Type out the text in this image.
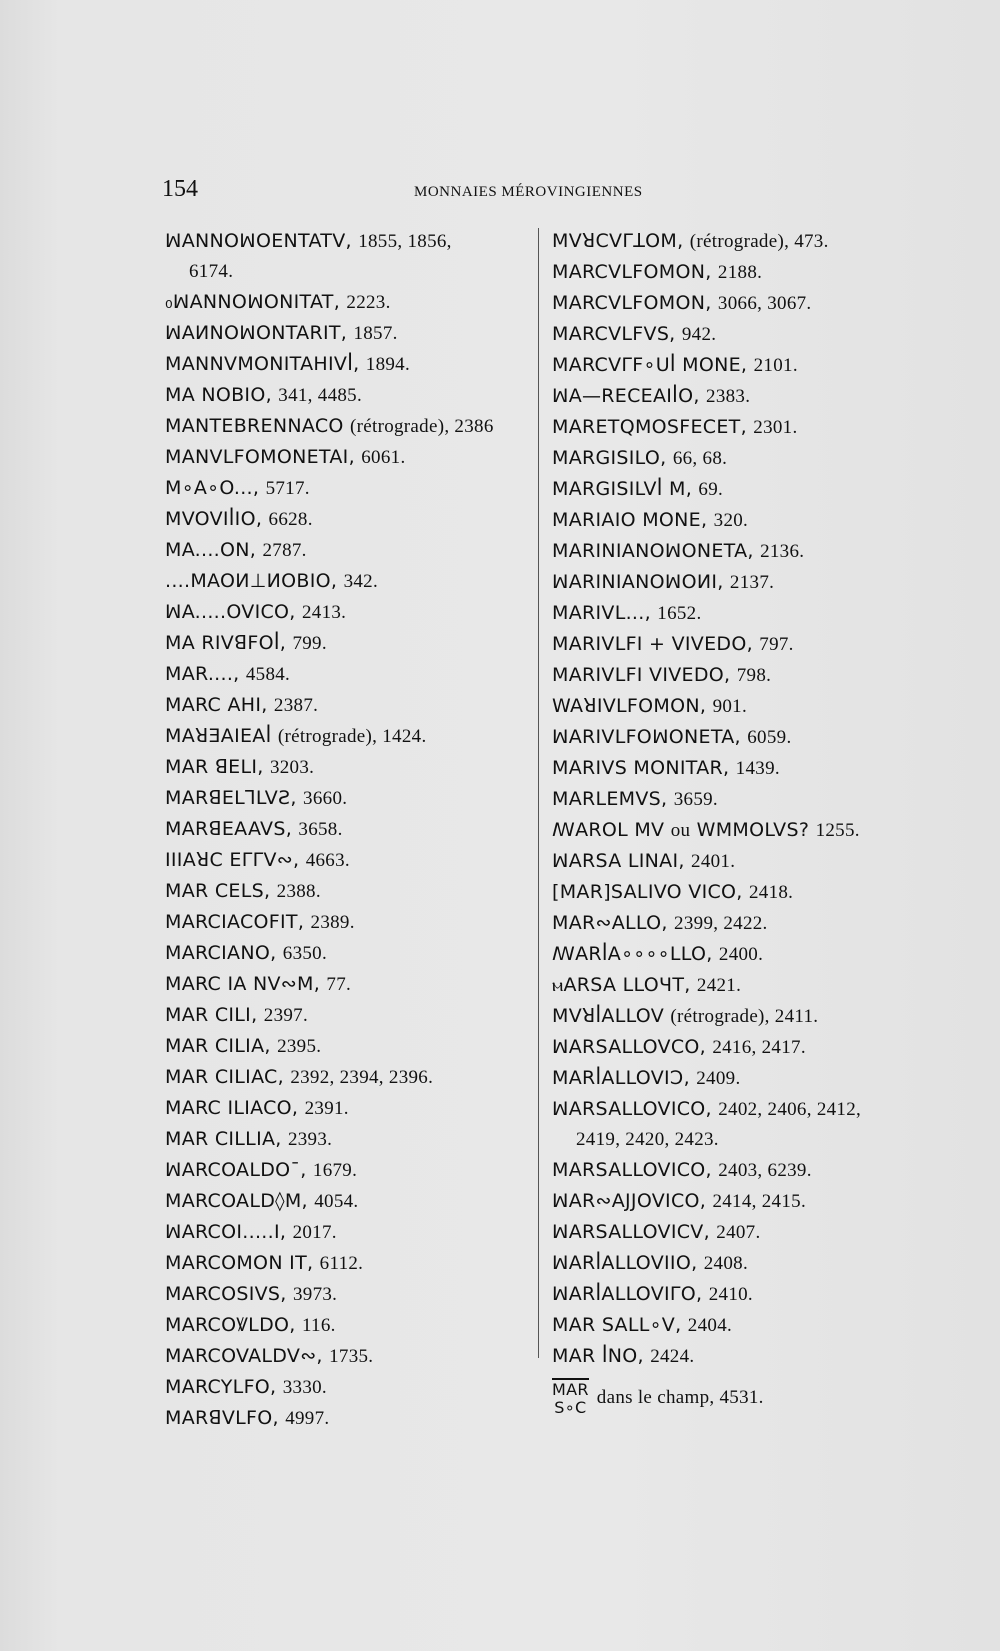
154	MONNAIES MÉROVINGIENNES
ꟽANNOꟽOENTATV, 1855, 1856,
6174.
₀ꟽANNOꟽONITAT, 2223.
ꟽAИNOꟽONTARIT, 1857.
MANNVMONITAHIVꟾ, 1894.
MA NOBIO, 341, 4485.
MANTEBRENNACO (rétrograde), 2386
MANVLFOMONETAI, 6061.
M∘A∘O..., 5717.
MVOVIꟾIO, 6628.
MA....ON, 2787.
....MAOИ⊥ИOBIO, 342.
ꟽA.....OVICO, 2413.
MA RIVꓭFOꟾ, 799.
MAR...., 4584.
MARC AHI, 2387.
MAꓤƎAIEAꟾ (rétrograde), 1424.
MAR ꓭELI, 3203.
MARꓭELꓶLVƧ, 3660.
MARꓭEAAVS, 3658.
IIIAꓤC EΓΓV∾, 4663.
MAR CELS, 2388.
MARCIACOFIT, 2389.
MARCIANO, 6350.
MARC IA NV∾M, 77.
MAR CILI, 2397.
MAR CILIA, 2395.
MAR CILIAC, 2392, 2394, 2396.
MARC ILIACO, 2391.
MAR CILLIA, 2393.
ꟽARCOALDO¯, 1679.
MARCOALD◊M, 4054.
ꟽARCOI.....I, 2017.
MARCOMON IT, 6112.
MARCOSIVS, 3973.
MARCOꝞLDO, 116.
MARCOVALDV∾, 1735.
MARCYLFO, 3330.
MARꓭVLFO, 4997.
MVꓤCVΓꓕOM, (rétrograde), 473.
MARCVLFOMON, 2188.
MARCVLFOMON, 3066, 3067.
MARCVLFVS, 942.
MARCVΓF∘Uꟾ MONE, 2101.
ꟽA—RECEAIꟾO, 2383.
MARETQMOSFECET, 2301.
MARGISILO, 66, 68.
MARGISILVꟾ M, 69.
MARIAIO MONE, 320.
MARINIANOꟽONETA, 2136.
ꟽARINIANOꟽOИI, 2137.
MARIVL..., 1652.
MARIVLFI + VIVEDO, 797.
MARIVLFI VIVEDO, 798.
WAꓤIVLFOMON, 901.
ꟽARIVLFOꟽONETA, 6059.
MARIVS MONITAR, 1439.
MARLEMVS, 3659.
ꟿAROL MV ou WMMOLVS? 1255.
ꟽARSA LINAI, 2401.
[MAR]SALIVO VICO, 2418.
MAR∾ALLO, 2399, 2422.
ꟿARꟾA∘∘∘∘LLO, 2400.
ⲙARSA LLOЧT, 2421.
MVꓤꟾALLOV (rétrograde), 2411.
ꟽARSALLOVCO, 2416, 2417.
MARꟾALLOVIƆ, 2409.
ꟽARSALLOVICO, 2402, 2406, 2412,
2419, 2420, 2423.
MARSALLOVICO, 2403, 6239.
ꟽAR∾AJJOVICO, 2414, 2415.
ꟽARSALLOVICV, 2407.
ꟽARꟾALLOVIIO, 2408.
ꟽARꟾALLOVIΓO, 2410.
MAR SALL∘V, 2404.
MAR ꟾNO, 2424.
MAR
S∘C dans le champ, 4531.
